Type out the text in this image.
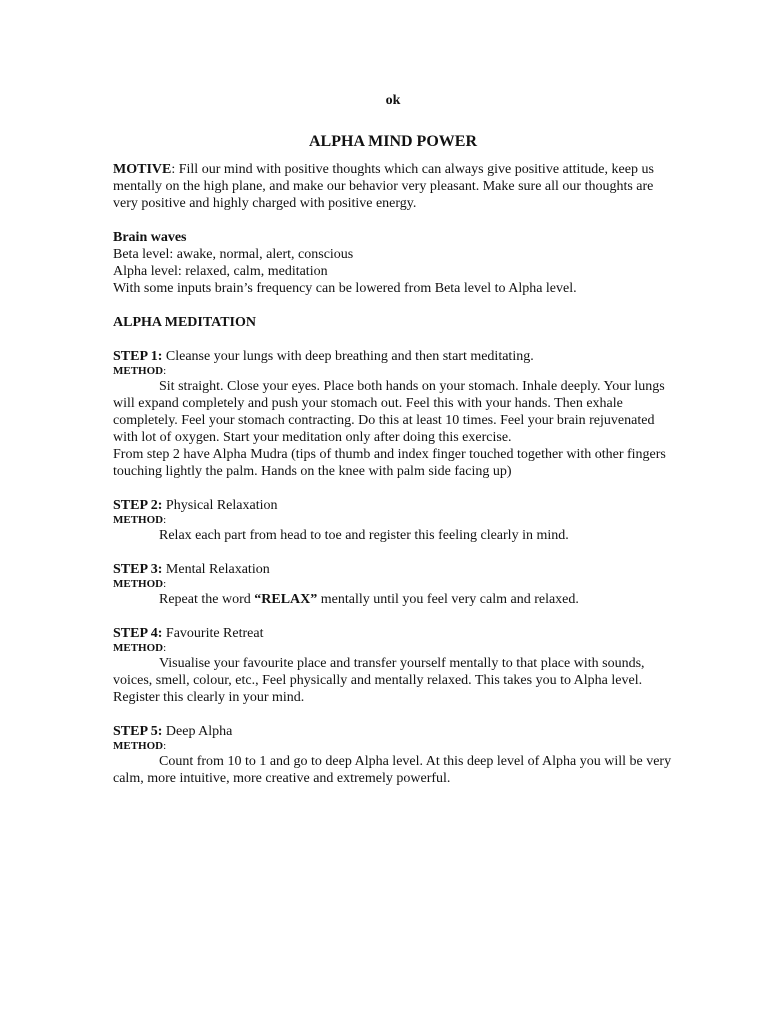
ok
ALPHA MIND POWER

MOTIVE: Fill our mind with positive thoughts which can always give positive attitude, keep us mentally on the high plane, and make our behavior very pleasant. Make sure all our thoughts are very positive and highly charged with positive energy.

Brain waves
Beta level: awake, normal, alert, conscious
Alpha level: relaxed, calm, meditation
With some inputs brain’s frequency can be lowered from Beta level to Alpha level.
ALPHA MEDITATION
STEP 1: Cleanse your lungs with deep breathing and then start meditating.
METHOD:

Sit straight. Close your eyes. Place both hands on your stomach. Inhale deeply. Your lungs will expand completely and push your stomach out. Feel this with your hands. Then exhale completely. Feel your stomach contracting. Do this at least 10 times. Feel your brain rejuvenated with lot of oxygen. Start your meditation only after doing this exercise.

From step 2 have Alpha Mudra (tips of thumb and index finger touched together with other fingers touching lightly the palm. Hands on the knee with palm side facing up)

STEP 2: Physical Relaxation
METHOD:

Relax each part from head to toe and register this feeling clearly in mind.

STEP 3: Mental Relaxation
METHOD:

Repeat the word “RELAX” mentally until you feel very calm and relaxed.

STEP 4: Favourite Retreat
METHOD:

Visualise your favourite place and transfer yourself mentally to that place with sounds, voices, smell, colour, etc., Feel physically and mentally relaxed. This takes you to Alpha level. Register this clearly in your mind.

STEP 5: Deep Alpha
METHOD:

Count from 10 to 1 and go to deep Alpha level. At this deep level of Alpha you will be very calm, more intuitive, more creative and extremely powerful.
